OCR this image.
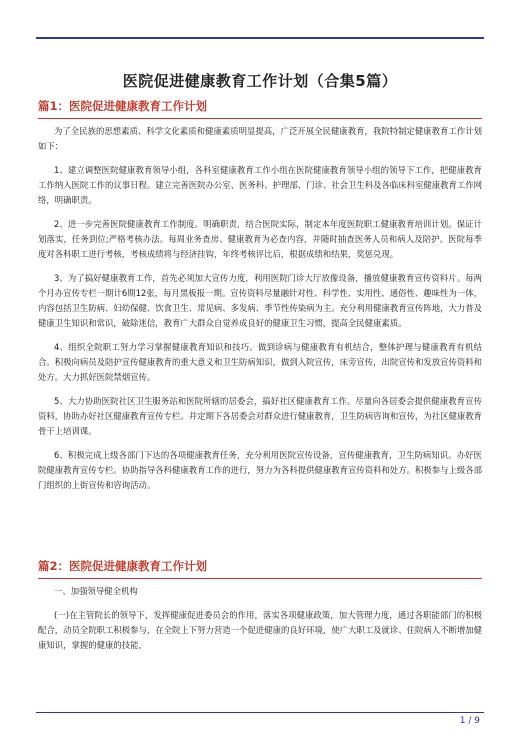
医院促进健康教育工作计划（合集5篇）
篇1：医院促进健康教育工作计划

为了全民族的思想素质、科学文化素质和健康素质明显提高，广泛开展全民健康教育，我院特制定健康教育工作计划如下：

1、建立调整医院健康教育领导小组，各科室健康教育工作小组在医院健康教育领导小组的领导下工作，把健康教育工作纳入医院工作的议事日程。建立完善医院办公室、医务科、护理部、门诊、社会卫生科及各临床科室健康教育工作网络，明确职责。

2、进一步完善医院健康教育工作制度。明确职责，结合医院实际，制定本年度医院职工健康教育培训计划。保证计划落实，任务到位;严格考核办法。每周业务查房、健康教育为必查内容，并随时抽查医务人员和病人及陪护。医院每季度对各科职工进行考核，考核成绩将与经济挂钩，年终考核评比后，根据成绩和结果，奖惩兑现。

3、为了搞好健康教育工作，首先必须加大宣传力度，利用医院门诊大厅放像设备，播放健康教育宣传资料片。每两个月办宣传专栏一期计6期12张，每月黑板报一期。宣传资料尽量融针对性、科学性、实用性、通俗性、趣味性为一体，内容包括卫生防病、妇幼保健、饮食卫生、常见病、多发病、季节性传染病为主。充分利用健康教育宣传阵地，大力普及健康卫生知识和常识，破除迷信，教育广大群众自觉养成良好的健康卫生习惯，提高全民健康素质。

4、组织全院职工努力学习掌握健康教育知识和技巧。做到诊病与健康教育有机结合，整体护理与健康教育有机结合。积极向病员及陪护宣传健康教育的重大意义和卫生防病知识，做到入院宣传，床旁宣传，出院宣传和发放宣传资料和处方。大力抓好医院禁烟宣传。

5、大力协助医院社区卫生服务站和医院所辖的居委会，搞好社区健康教育工作。尽量向各居委会提供健康教育宣传资料，协助办好社区健康教育宣传专栏。并定期下各居委会对群众进行健康教育，卫生防病咨询和宣传，为社区健康教育骨干上培训课。

6、积极完成上级各部门下达的各项健康教育任务，充分利用医院宣传设备，宣传健康教育，卫生防病知识。办好医院健康教育宣传专栏。协助指导各科健康教育工作的进行，努力为各科提供健康教育宣传资料和处方。积极参与上级各部门组织的上街宣传和咨询活动。

篇2：医院促进健康教育工作计划

一、加强领导健全机构

(一)在主管院长的领导下，发挥健康促进委员会的作用，落实各项健康政策，加大管理力度，通过各职能部门的积极配合，动员全院职工积极参与，在全院上下努力营造一个促进健康的良好环境，使广大职工及就诊、住院病人不断增加健康知识，掌握的健康的技能，

1 / 9
